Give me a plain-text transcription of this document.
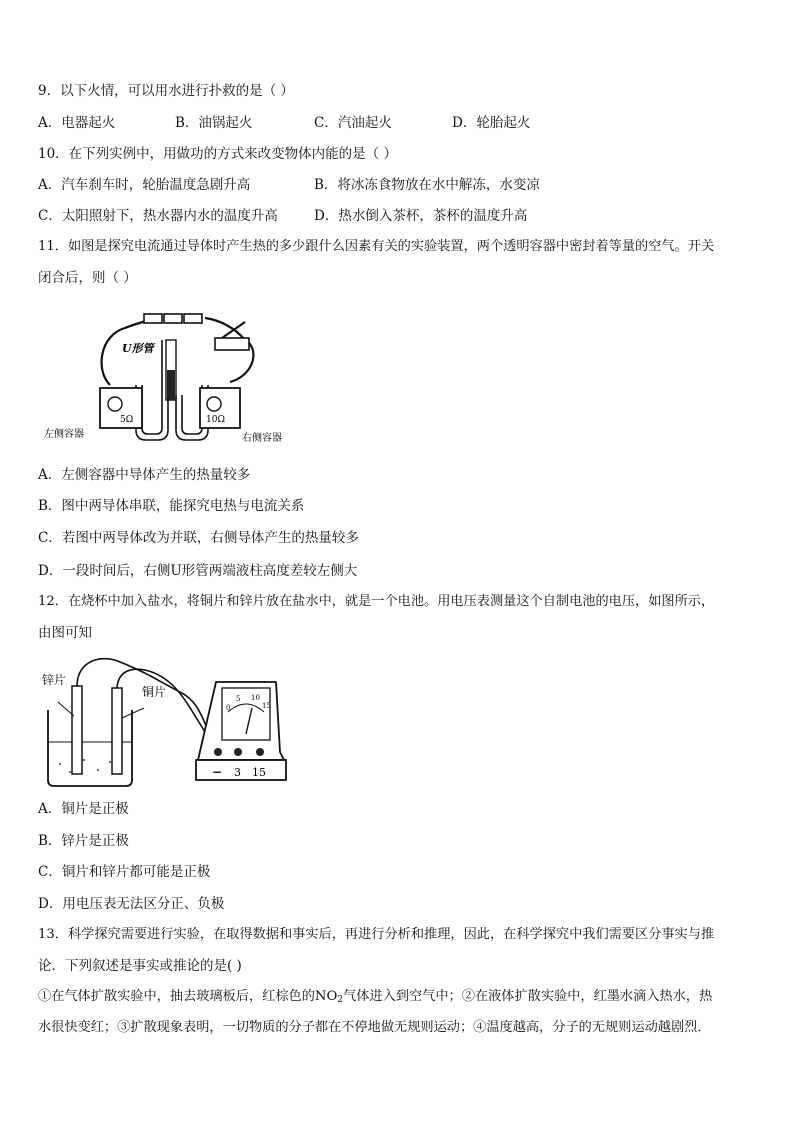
9．以下火情，可以用水进行扑救的是（ ）
A．电器起火	B．油锅起火	C．汽油起火	D．轮胎起火
10．在下列实例中，用做功的方式来改变物体内能的是（ ）
A．汽车刹车时，轮胎温度急剧升高	B．将冰冻食物放在水中解冻，水变凉
C．太阳照射下，热水器内水的温度升高	D．热水倒入茶杯，茶杯的温度升高
11．如图是探究电流通过导体时产生热的多少跟什么因素有关的实验装置，两个透明容器中密封着等量的空气。开关
闭合后，则（ ）
U形管
5Ω	10Ω
左侧容器	右侧容器
A．左侧容器中导体产生的热量较多
B．图中两导体串联，能探究电热与电流关系
C．若图中两导体改为并联，右侧导体产生的热量较多
D．一段时间后，右侧U形管两端液柱高度差较左侧大
12．在烧杯中加入盐水，将铜片和锌片放在盐水中，就是一个电池。用电压表测量这个自制电池的电压，如图所示，
由图可知
锌片
铜片
0
5 10
15
− 3 15
A．铜片是正极
B．锌片是正极
C．铜片和锌片都可能是正极
D．用电压表无法区分正、负极
13．科学探究需要进行实验，在取得数据和事实后，再进行分析和推理，因此，在科学探究中我们需要区分事实与推
论．下列叙述是事实或推论的是( )
①在气体扩散实验中，抽去玻璃板后，红棕色的$NO_2$气体进入到空气中；②在液体扩散实验中，红墨水滴入热水，热
水很快变红；③扩散现象表明，一切物质的分子都在不停地做无规则运动；④温度越高，分子的无规则运动越剧烈．
